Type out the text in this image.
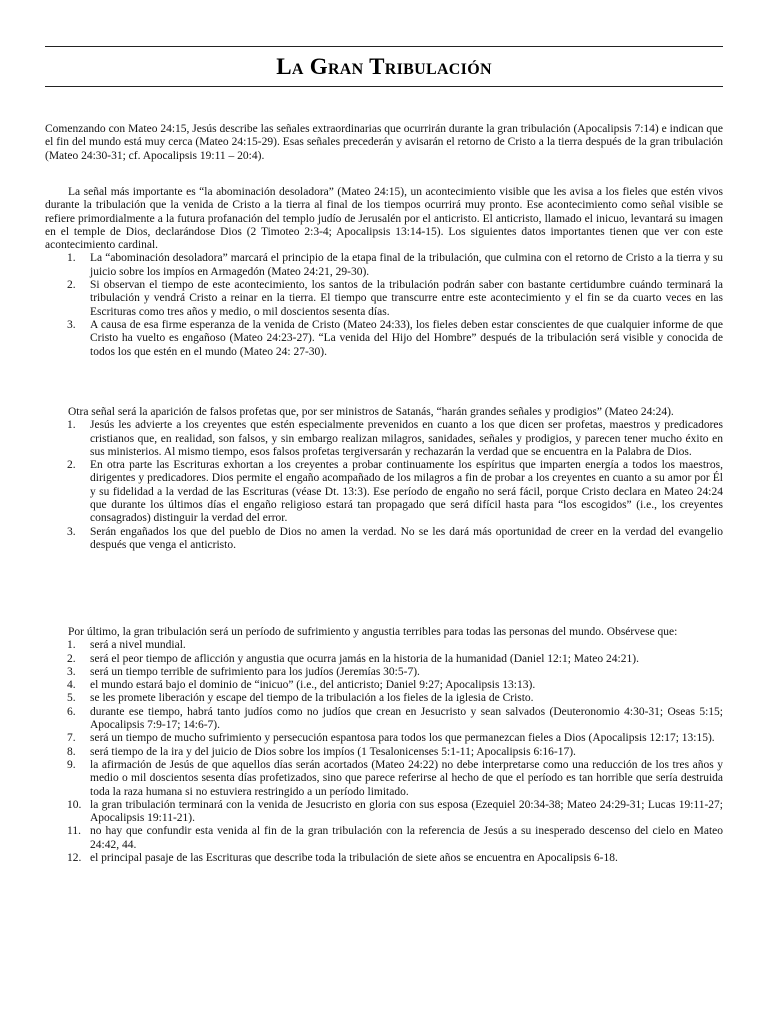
La Gran Tribulación

Comenzando con Mateo 24:15, Jesús describe las señales extraordinarias que ocurrirán durante la gran tribulación (Apocalipsis 7:14) e indican que el fin del mundo está muy cerca (Mateo 24:15-29). Esas señales precederán y avisarán el retorno de Cristo a la tierra después de la gran tribulación (Mateo 24:30-31; cf. Apocalipsis 19:11 – 20:4).

La señal más importante es “la abominación desoladora” (Mateo 24:15), un acontecimiento visible que les avisa a los fieles que estén vivos durante la tribulación que la venida de Cristo a la tierra al final de los tiempos ocurrirá muy pronto. Ese acontecimiento como señal visible se refiere primordialmente a la futura profanación del templo judío de Jerusalén por el anticristo. El anticristo, llamado el inicuo, levantará su imagen en el temple de Dios, declarándose Dios (2 Timoteo 2:3-4; Apocalipsis 13:14-15). Los siguientes datos importantes tienen que ver con este acontecimiento cardinal.

1.	La “abominación desoladora” marcará el principio de la etapa final de la tribulación, que culmina con el retorno de Cristo a la tierra y su juicio sobre los impíos en Armagedón (Mateo 24:21, 29-30).
2.	Si observan el tiempo de este acontecimiento, los santos de la tribulación podrán saber con bastante certidumbre cuándo terminará la tribulación y vendrá Cristo a reinar en la tierra. El tiempo que transcurre entre este acontecimiento y el fin se da cuarto veces en las Escrituras como tres años y medio, o mil doscientos sesenta días.
3.	A causa de esa firme esperanza de la venida de Cristo (Mateo 24:33), los fieles deben estar conscientes de que cualquier informe de que Cristo ha vuelto es engañoso (Mateo 24:23-27). “La venida del Hijo del Hombre” después de la tribulación será visible y conocida de todos los que estén en el mundo (Mateo 24: 27-30).

Otra señal será la aparición de falsos profetas que, por ser ministros de Satanás, “harán grandes señales y prodigios” (Mateo 24:24).

1.	Jesús les advierte a los creyentes que estén especialmente prevenidos en cuanto a los que dicen ser profetas, maestros y predicadores cristianos que, en realidad, son falsos, y sin embargo realizan milagros, sanidades, señales y prodigios, y parecen tener mucho éxito en sus ministerios. Al mismo tiempo, esos falsos profetas tergiversarán y rechazarán la verdad que se encuentra en la Palabra de Dios.
2.	En otra parte las Escrituras exhortan a los creyentes a probar continuamente los espíritus que imparten energía a todos los maestros, dirigentes y predicadores. Dios permite el engaño acompañado de los milagros a fin de probar a los creyentes en cuanto a su amor por Él y su fidelidad a la verdad de las Escrituras (véase Dt. 13:3). Ese período de engaño no será fácil, porque Cristo declara en Mateo 24:24 que durante los últimos días el engaño religioso estará tan propagado que será difícil hasta para “los escogidos” (i.e., los creyentes consagrados) distinguir la verdad del error.
3.	Serán engañados los que del pueblo de Dios no amen la verdad. No se les dará más oportunidad de creer en la verdad del evangelio después que venga el anticristo.

Por último, la gran tribulación será un período de sufrimiento y angustia terribles para todas las personas del mundo. Obsérvese que:

1.	será a nivel mundial.
2.	será el peor tiempo de aflicción y angustia que ocurra jamás en la historia de la humanidad (Daniel 12:1; Mateo 24:21).
3.	será un tiempo terrible de sufrimiento para los judíos (Jeremías 30:5-7).
4.	el mundo estará bajo el dominio de “inicuo” (i.e., del anticristo; Daniel 9:27; Apocalipsis 13:13).
5.	se les promete liberación y escape del tiempo de la tribulación a los fieles de la iglesia de Cristo.
6.	durante ese tiempo, habrá tanto judíos como no judíos que crean en Jesucristo y sean salvados (Deuteronomio 4:30-31; Oseas 5:15; Apocalipsis 7:9-17; 14:6-7).
7.	será un tiempo de mucho sufrimiento y persecución espantosa para todos los que permanezcan fieles a Dios (Apocalipsis 12:17; 13:15).
8.	será tiempo de la ira y del juicio de Dios sobre los impíos (1 Tesalonicenses 5:1-11; Apocalipsis 6:16-17).
9.	la afirmación de Jesús de que aquellos días serán acortados (Mateo 24:22) no debe interpretarse como una reducción de los tres años y medio o mil doscientos sesenta días profetizados, sino que parece referirse al hecho de que el período es tan horrible que sería destruida toda la raza humana si no estuviera restringido a un período limitado.
10. la gran tribulación terminará con la venida de Jesucristo en gloria con sus esposa (Ezequiel 20:34-38; Mateo 24:29-31; Lucas 19:11-27; Apocalipsis 19:11-21).
11. no hay que confundir esta venida al fin de la gran tribulación con la referencia de Jesús a su inesperado descenso del cielo en Mateo 24:42, 44.
12. el principal pasaje de las Escrituras que describe toda la tribulación de siete años se encuentra en Apocalipsis 6-18.
